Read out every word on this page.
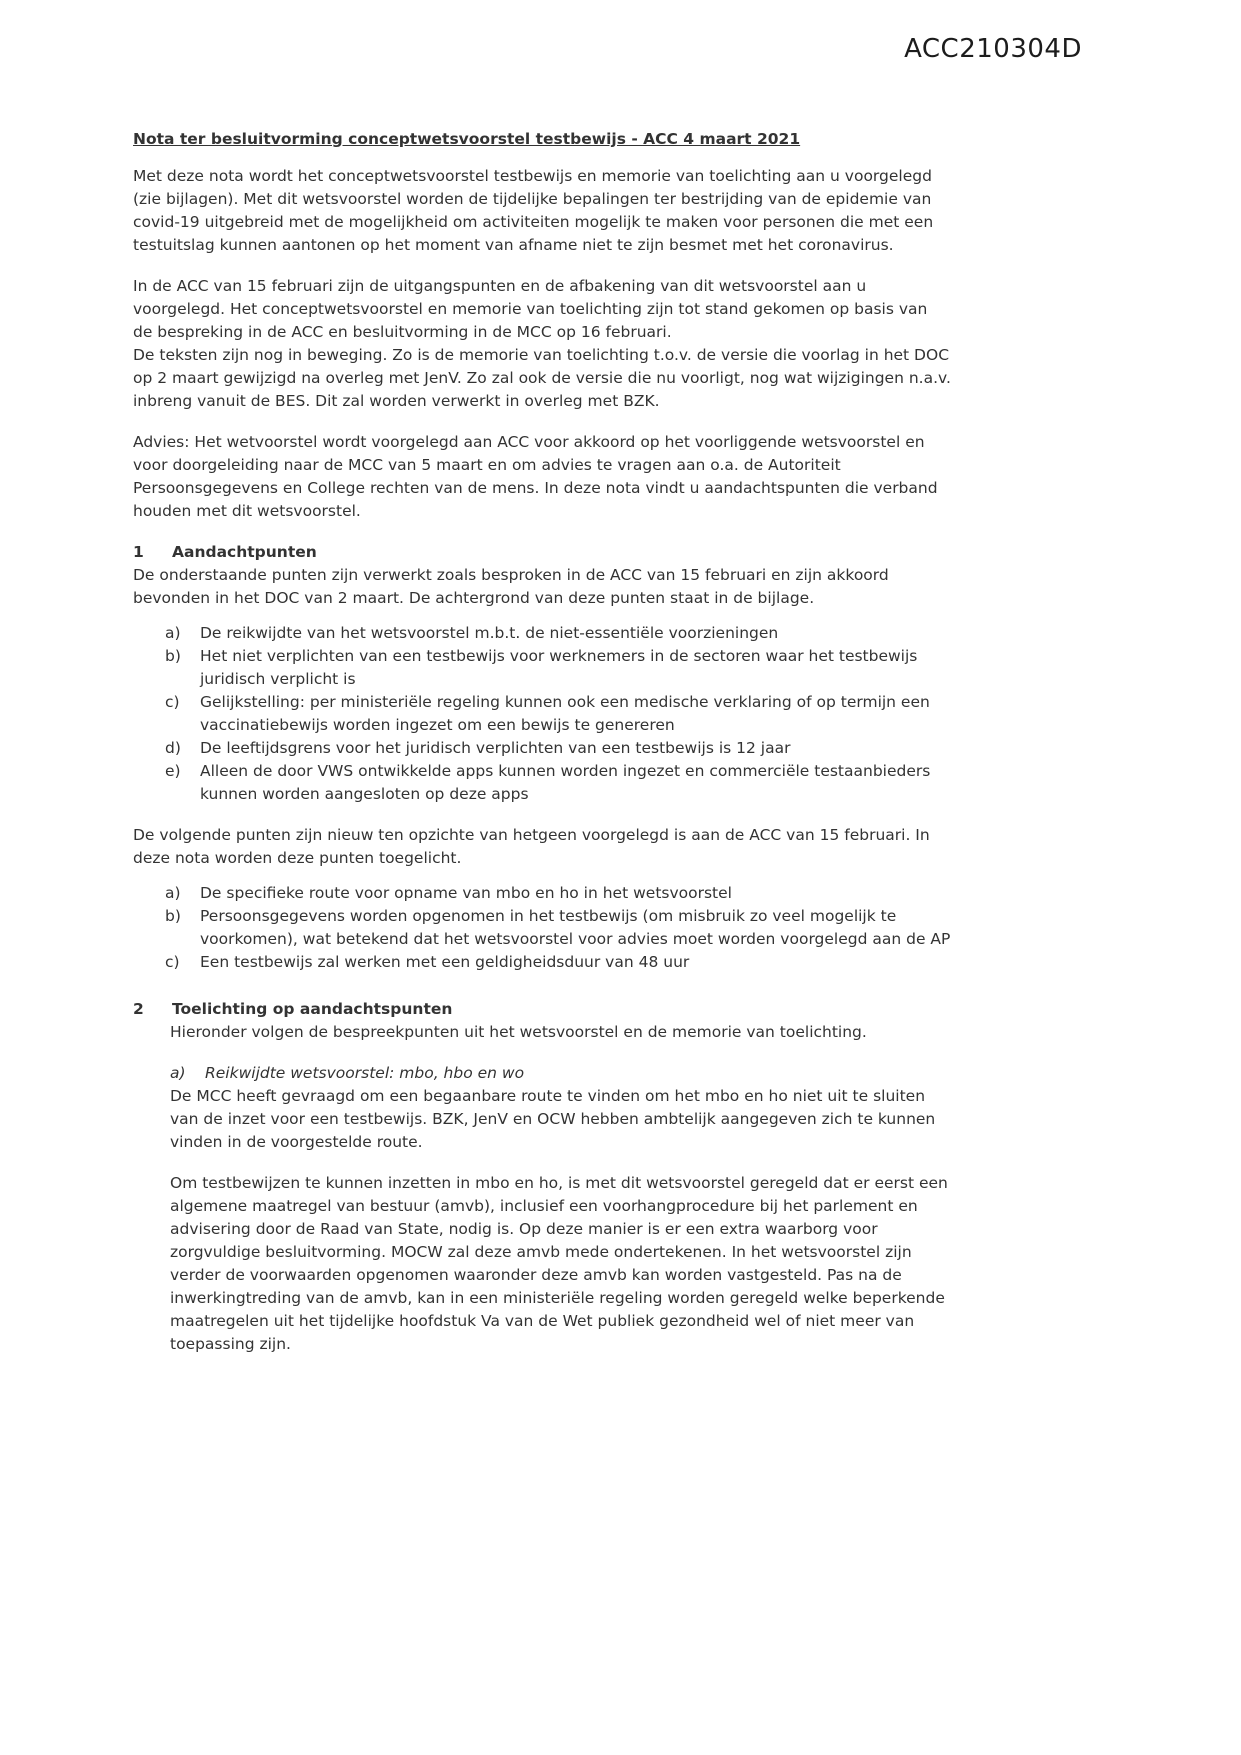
ACC210304D
Nota ter besluitvorming conceptwetsvoorstel testbewijs - ACC 4 maart 2021
Met deze nota wordt het conceptwetsvoorstel testbewijs en memorie van toelichting aan u voorgelegd (zie bijlagen). Met dit wetsvoorstel worden de tijdelijke bepalingen ter bestrijding van de epidemie van covid-19 uitgebreid met de mogelijkheid om activiteiten mogelijk te maken voor personen die met een testuitslag kunnen aantonen op het moment van afname niet te zijn besmet met het coronavirus.
In de ACC van 15 februari zijn de uitgangspunten en de afbakening van dit wetsvoorstel aan u voorgelegd. Het conceptwetsvoorstel en memorie van toelichting zijn tot stand gekomen op basis van de bespreking in de ACC en besluitvorming in de MCC op 16 februari.
De teksten zijn nog in beweging. Zo is de memorie van toelichting t.o.v. de versie die voorlag in het DOC op 2 maart gewijzigd na overleg met JenV. Zo zal ook de versie die nu voorligt, nog wat wijzigingen n.a.v. inbreng vanuit de BES. Dit zal worden verwerkt in overleg met BZK.
Advies: Het wetvoorstel wordt voorgelegd aan ACC voor akkoord op het voorliggende wetsvoorstel en voor doorgeleiding naar de MCC van 5 maart en om advies te vragen aan o.a. de Autoriteit Persoonsgegevens en College rechten van de mens. In deze nota vindt u aandachtspunten die verband houden met dit wetsvoorstel.
1	Aandachtpunten
De onderstaande punten zijn verwerkt zoals besproken in de ACC van 15 februari en zijn akkoord bevonden in het DOC van 2 maart. De achtergrond van deze punten staat in de bijlage.
a)	De reikwijdte van het wetsvoorstel m.b.t. de niet-essentiële voorzieningen
b)	Het niet verplichten van een testbewijs voor werknemers in de sectoren waar het testbewijs juridisch verplicht is
c)	Gelijkstelling: per ministeriële regeling kunnen ook een medische verklaring of op termijn een vaccinatiebewijs worden ingezet om een bewijs te genereren
d)	De leeftijdsgrens voor het juridisch verplichten van een testbewijs is 12 jaar
e)	Alleen de door VWS ontwikkelde apps kunnen worden ingezet en commerciële testaanbieders kunnen worden aangesloten op deze apps
De volgende punten zijn nieuw ten opzichte van hetgeen voorgelegd is aan de ACC van 15 februari. In deze nota worden deze punten toegelicht.
a)	De specifieke route voor opname van mbo en ho in het wetsvoorstel
b)	Persoonsgegevens worden opgenomen in het testbewijs (om misbruik zo veel mogelijk te voorkomen), wat betekend dat het wetsvoorstel voor advies moet worden voorgelegd aan de AP
c)	Een testbewijs zal werken met een geldigheidsduur van 48 uur
2	Toelichting op aandachtspunten
Hieronder volgen de bespreekpunten uit het wetsvoorstel en de memorie van toelichting.
a)	Reikwijdte wetsvoorstel: mbo, hbo en wo
De MCC heeft gevraagd om een begaanbare route te vinden om het mbo en ho niet uit te sluiten van de inzet voor een testbewijs. BZK, JenV en OCW hebben ambtelijk aangegeven zich te kunnen vinden in de voorgestelde route.
Om testbewijzen te kunnen inzetten in mbo en ho, is met dit wetsvoorstel geregeld dat er eerst een algemene maatregel van bestuur (amvb), inclusief een voorhangprocedure bij het parlement en advisering door de Raad van State, nodig is. Op deze manier is er een extra waarborg voor zorgvuldige besluitvorming. MOCW zal deze amvb mede ondertekenen. In het wetsvoorstel zijn verder de voorwaarden opgenomen waaronder deze amvb kan worden vastgesteld. Pas na de inwerkingtreding van de amvb, kan in een ministeriële regeling worden geregeld welke beperkende maatregelen uit het tijdelijke hoofdstuk Va van de Wet publiek gezondheid wel of niet meer van toepassing zijn.
